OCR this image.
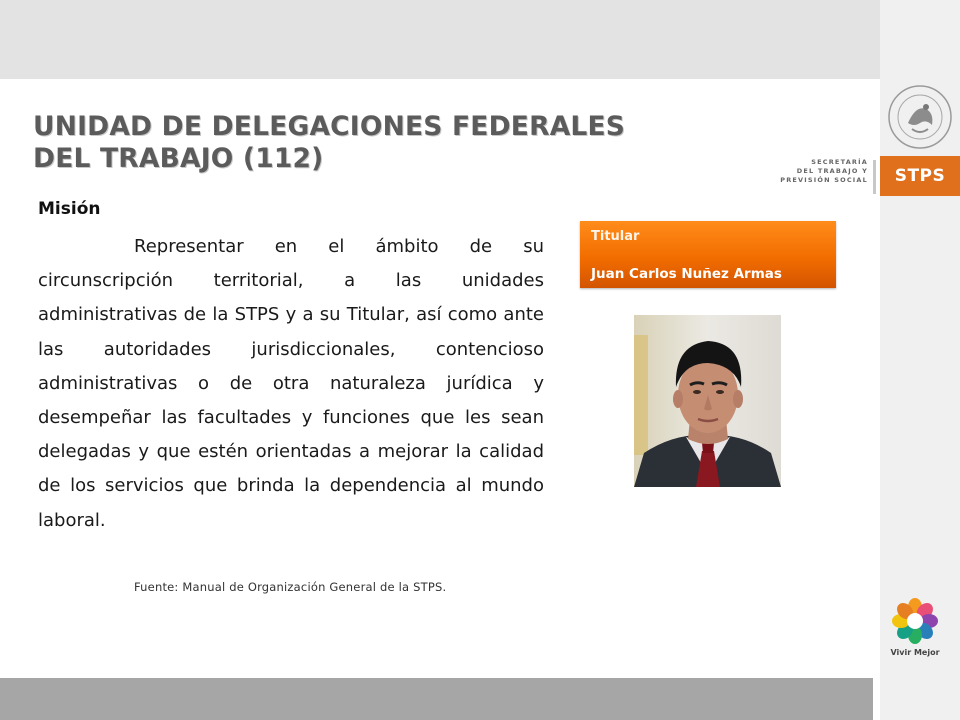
UNIDAD DE DELEGACIONES FEDERALES
DEL TRABAJO (112)
Misión

Representar en el ámbito de su circunscripción territorial, a las unidades administrativas de la STPS y a su Titular, así como ante las autoridades jurisdiccionales, contencioso administrativas o de otra naturaleza jurídica y desempeñar las facultades y funciones que les sean delegadas y que estén orientadas a mejorar la calidad de los servicios que brinda la dependencia al mundo laboral.

Fuente: Manual de Organización General de la STPS.
Titular
Juan Carlos Nuñez Armas
SECRETARÍA
DEL TRABAJO Y
PREVISIÓN SOCIAL	STPS
Vivir Mejor
